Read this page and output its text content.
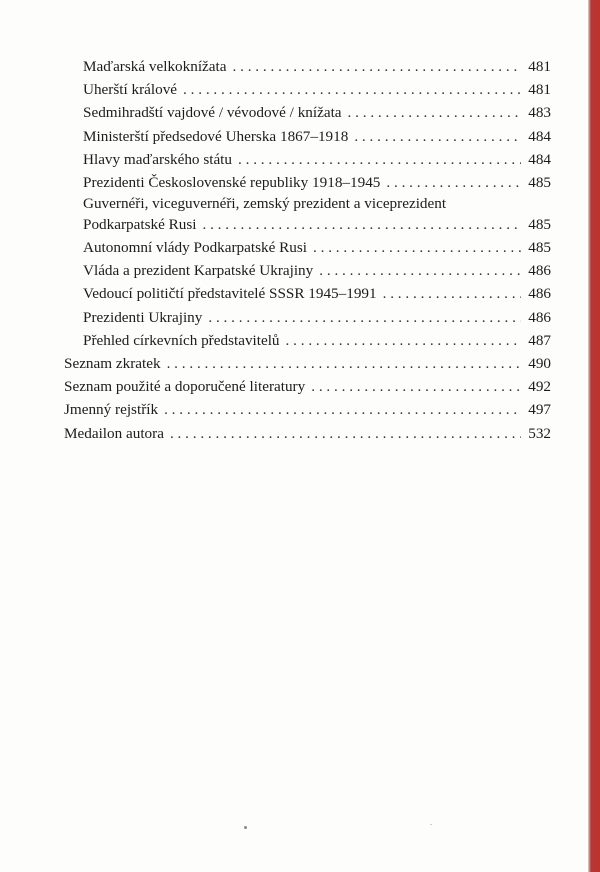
Maďarská velkoknížata . . .	481
Uherští králové . . .	481
Sedmihradští vajdové / vévodové / knížata . . .	483
Ministerští předsedové Uherska 1867–1918 . . .	484
Hlavy maďarského státu . . .	484
Prezidenti Československé republiky 1918–1945 . . .	485
Guvernéři, viceguvernéři, zemský prezident a viceprezident
Podkarpatské Rusi . . .	485
Autonomní vlády Podkarpatské Rusi . . .	485
Vláda a prezident Karpatské Ukrajiny . . .	486
Vedoucí političtí představitelé SSSR 1945–1991 . . .	486
Prezidenti Ukrajiny . . .	486
Přehled církevních představitelů . . .	487
Seznam zkratek . . .	490
Seznam použité a doporučené literatury . . .	492
Jmenný rejstřík . . .	497
Medailon autora . . .	532
